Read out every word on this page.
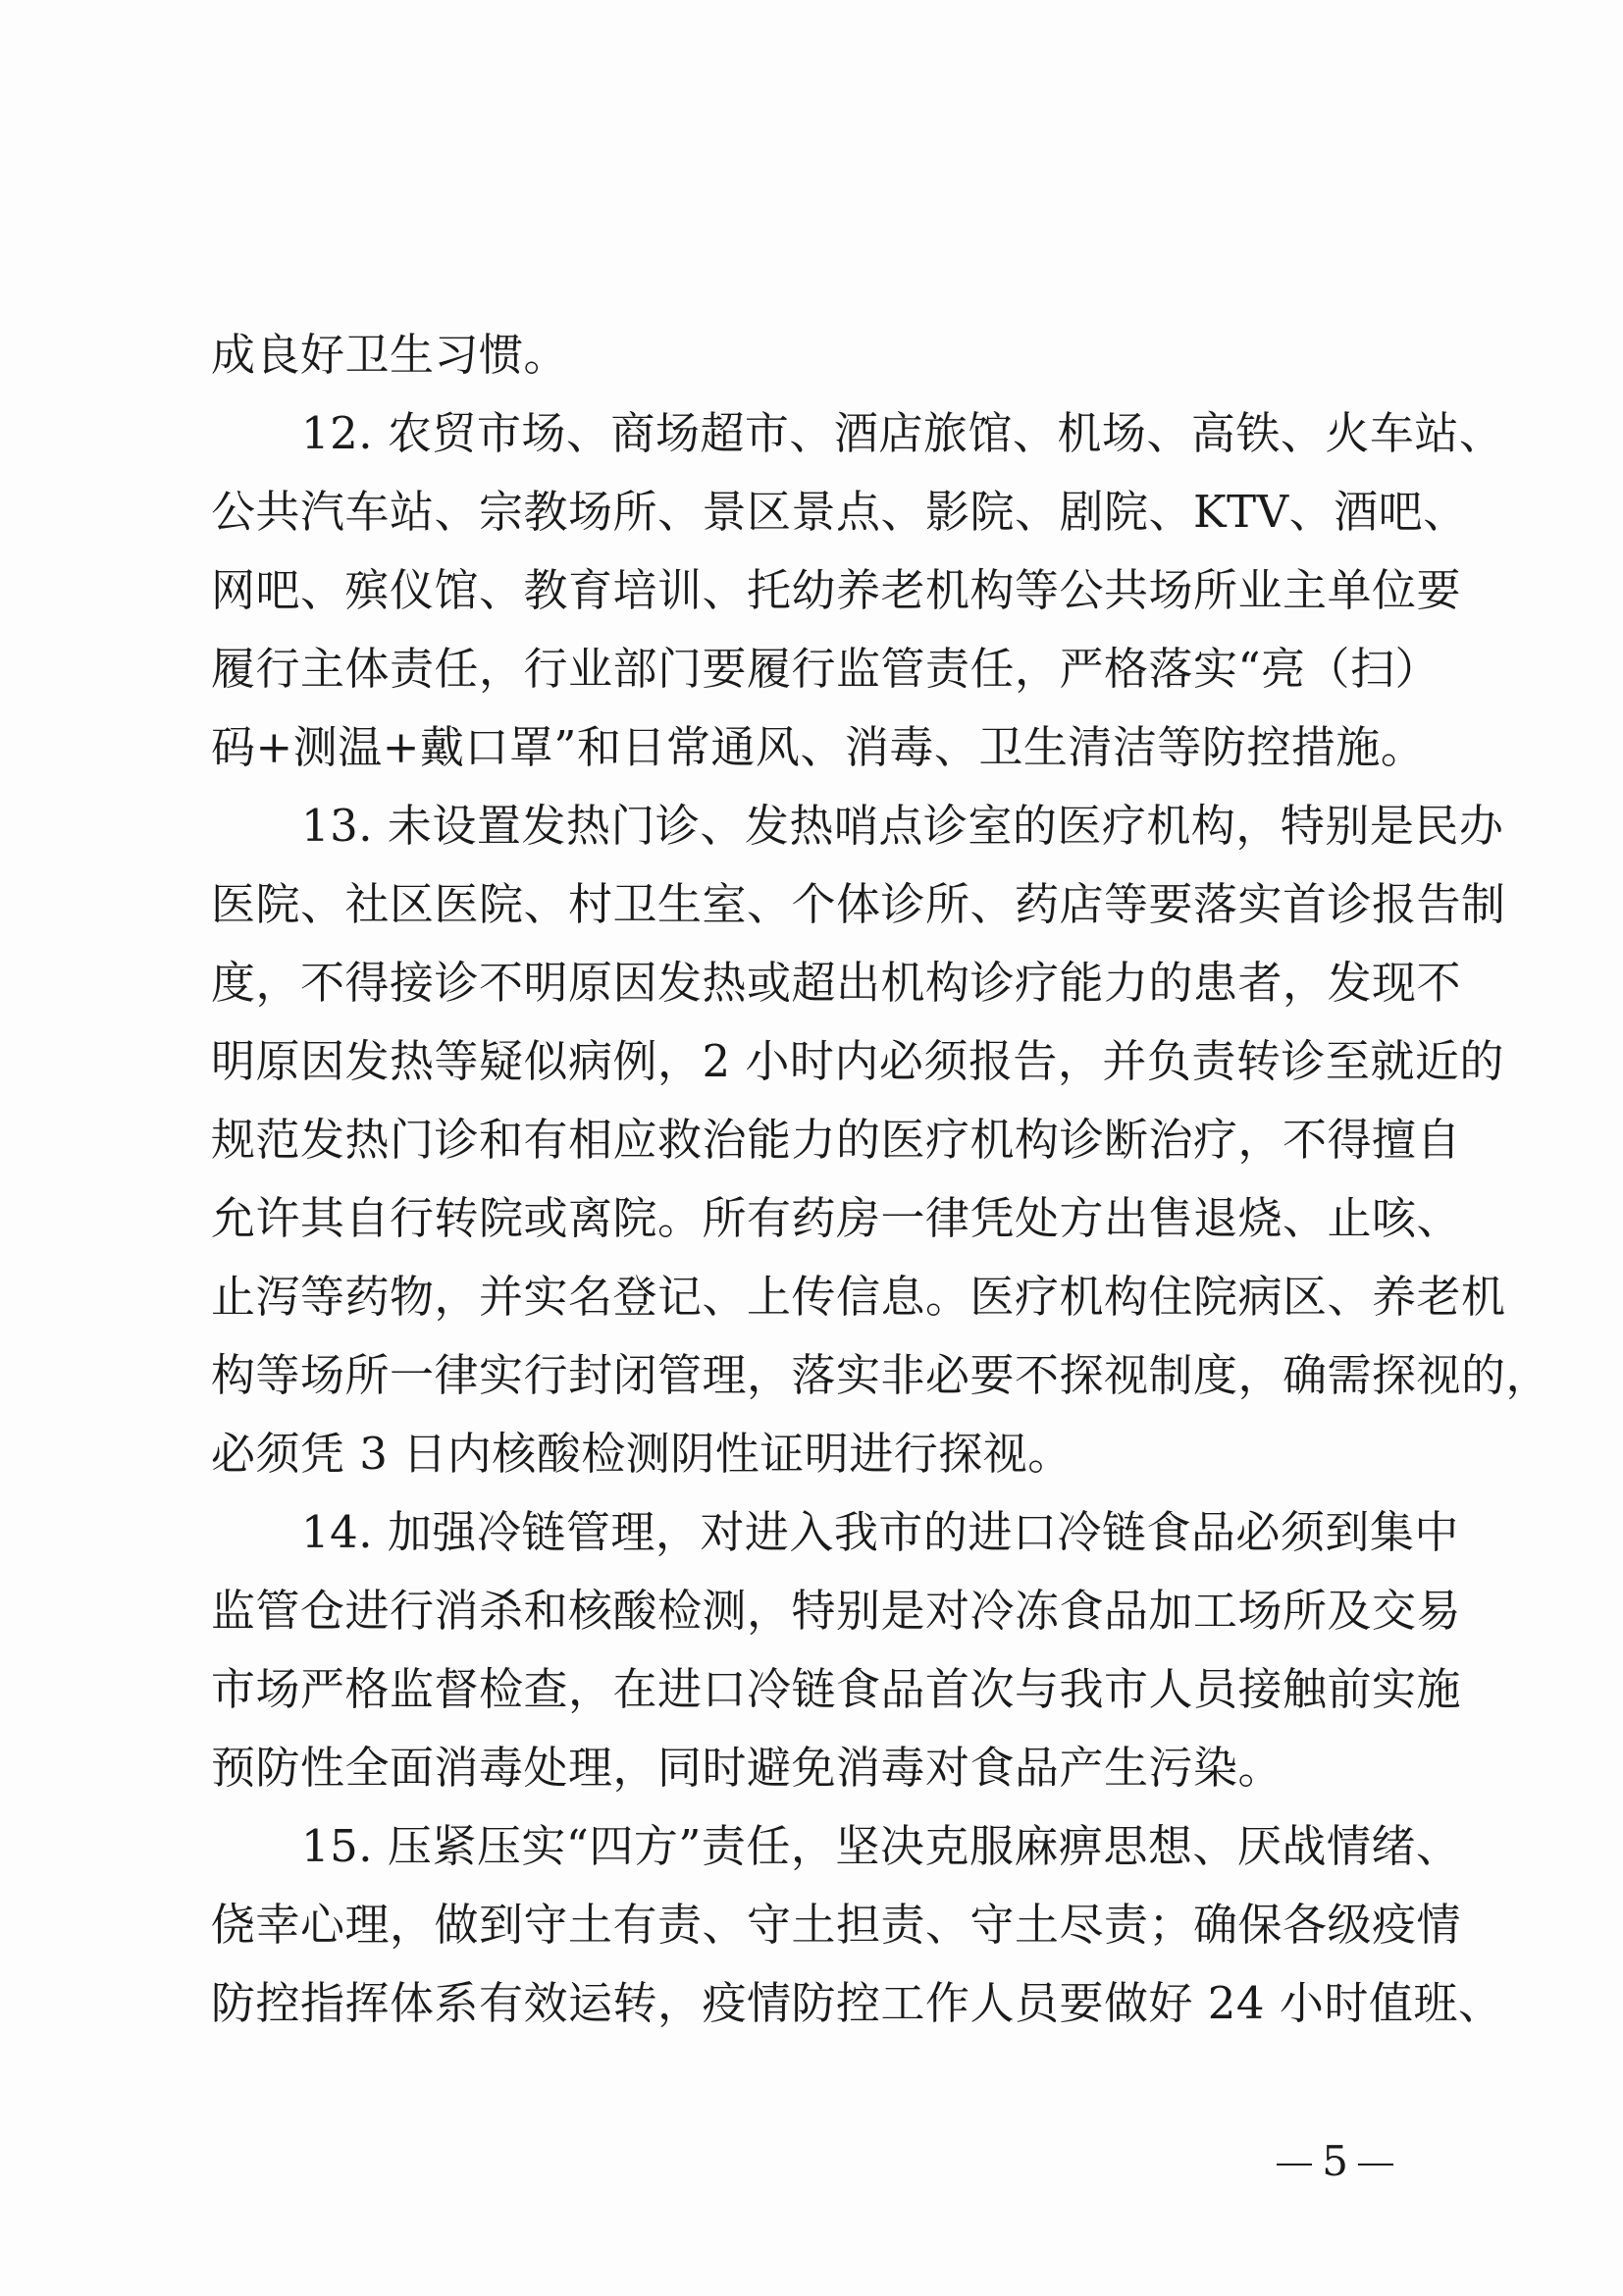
成良好卫生习惯。
12. 农贸市场、商场超市、酒店旅馆、机场、高铁、火车站、
公共汽车站、宗教场所、景区景点、影院、剧院、KTV、酒吧、
网吧、殡仪馆、教育培训、托幼养老机构等公共场所业主单位要
履行主体责任，行业部门要履行监管责任，严格落实“亮（扫）
码+测温+戴口罩”和日常通风、消毒、卫生清洁等防控措施。
13. 未设置发热门诊、发热哨点诊室的医疗机构，特别是民办
医院、社区医院、村卫生室、个体诊所、药店等要落实首诊报告制
度，不得接诊不明原因发热或超出机构诊疗能力的患者，发现不
明原因发热等疑似病例，2 小时内必须报告，并负责转诊至就近的
规范发热门诊和有相应救治能力的医疗机构诊断治疗，不得擅自
允许其自行转院或离院。所有药房一律凭处方出售退烧、止咳、
止泻等药物，并实名登记、上传信息。医疗机构住院病区、养老机
构等场所一律实行封闭管理，落实非必要不探视制度，确需探视的，
必须凭 3 日内核酸检测阴性证明进行探视。
14. 加强冷链管理，对进入我市的进口冷链食品必须到集中
监管仓进行消杀和核酸检测，特别是对冷冻食品加工场所及交易
市场严格监督检查，在进口冷链食品首次与我市人员接触前实施
预防性全面消毒处理，同时避免消毒对食品产生污染。
15. 压紧压实“四方”责任，坚决克服麻痹思想、厌战情绪、
侥幸心理，做到守土有责、守土担责、守土尽责；确保各级疫情
防控指挥体系有效运转，疫情防控工作人员要做好 24 小时值班、
5
